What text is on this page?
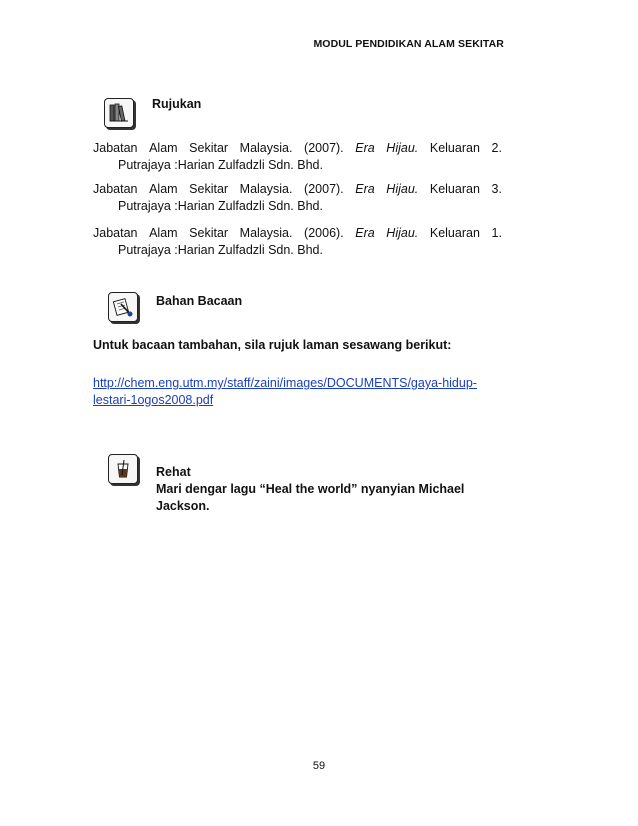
MODUL PENDIDIKAN ALAM SEKITAR
Rujukan
Jabatan Alam Sekitar Malaysia. (2007). Era Hijau. Keluaran 2.
Putrajaya :Harian Zulfadzli Sdn. Bhd.
Jabatan Alam Sekitar Malaysia. (2007). Era Hijau. Keluaran 3.
Putrajaya :Harian Zulfadzli Sdn. Bhd.
Jabatan Alam Sekitar Malaysia. (2006). Era Hijau. Keluaran 1.
Putrajaya :Harian Zulfadzli Sdn. Bhd.
Bahan Bacaan
Untuk bacaan tambahan, sila rujuk laman sesawang berikut:
http://chem.eng.utm.my/staff/zaini/images/DOCUMENTS/gaya-hidup-
lestari-1ogos2008.pdf
Rehat
Mari dengar lagu “Heal the world” nyanyian Michael
Jackson.
59
